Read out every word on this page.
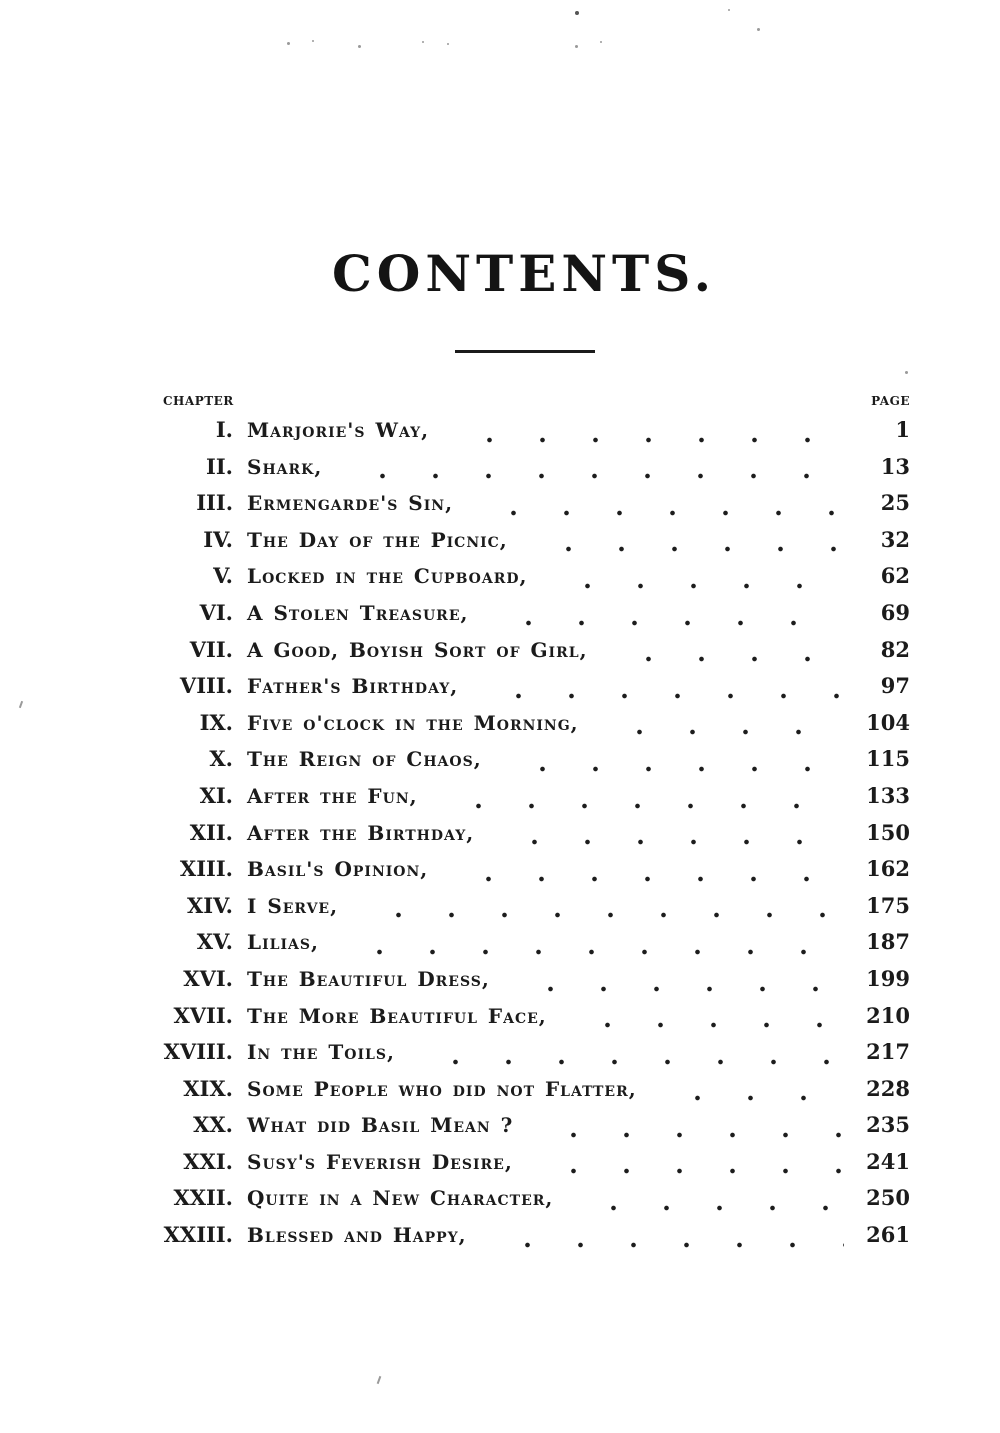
CONTENTS.
CHAPTER	PAGE
I. Marjorie's Way,	1
II. Shark,	13
III. Ermengarde's Sin,	25
IV. The Day of the Picnic,	32
V. Locked in the Cupboard,	62
VI. A Stolen Treasure,	69
VII. A Good, Boyish Sort of Girl,	82
VIII. Father's Birthday,	97
IX. Five o'clock in the Morning,	104
X. The Reign of Chaos,	115
XI. After the Fun,	133
XII. After the Birthday,	150
XIII. Basil's Opinion,	162
XIV. I Serve,	175
XV. Lilias,	187
XVI. The Beautiful Dress,	199
XVII. The More Beautiful Face,	210
XVIII. In the Toils,	217
XIX. Some People who did not Flatter,	228
XX. What did Basil Mean ?	235
XXI. Susy's Feverish Desire,	241
XXII. Quite in a New Character,	250
XXIII. Blessed and Happy,	261
